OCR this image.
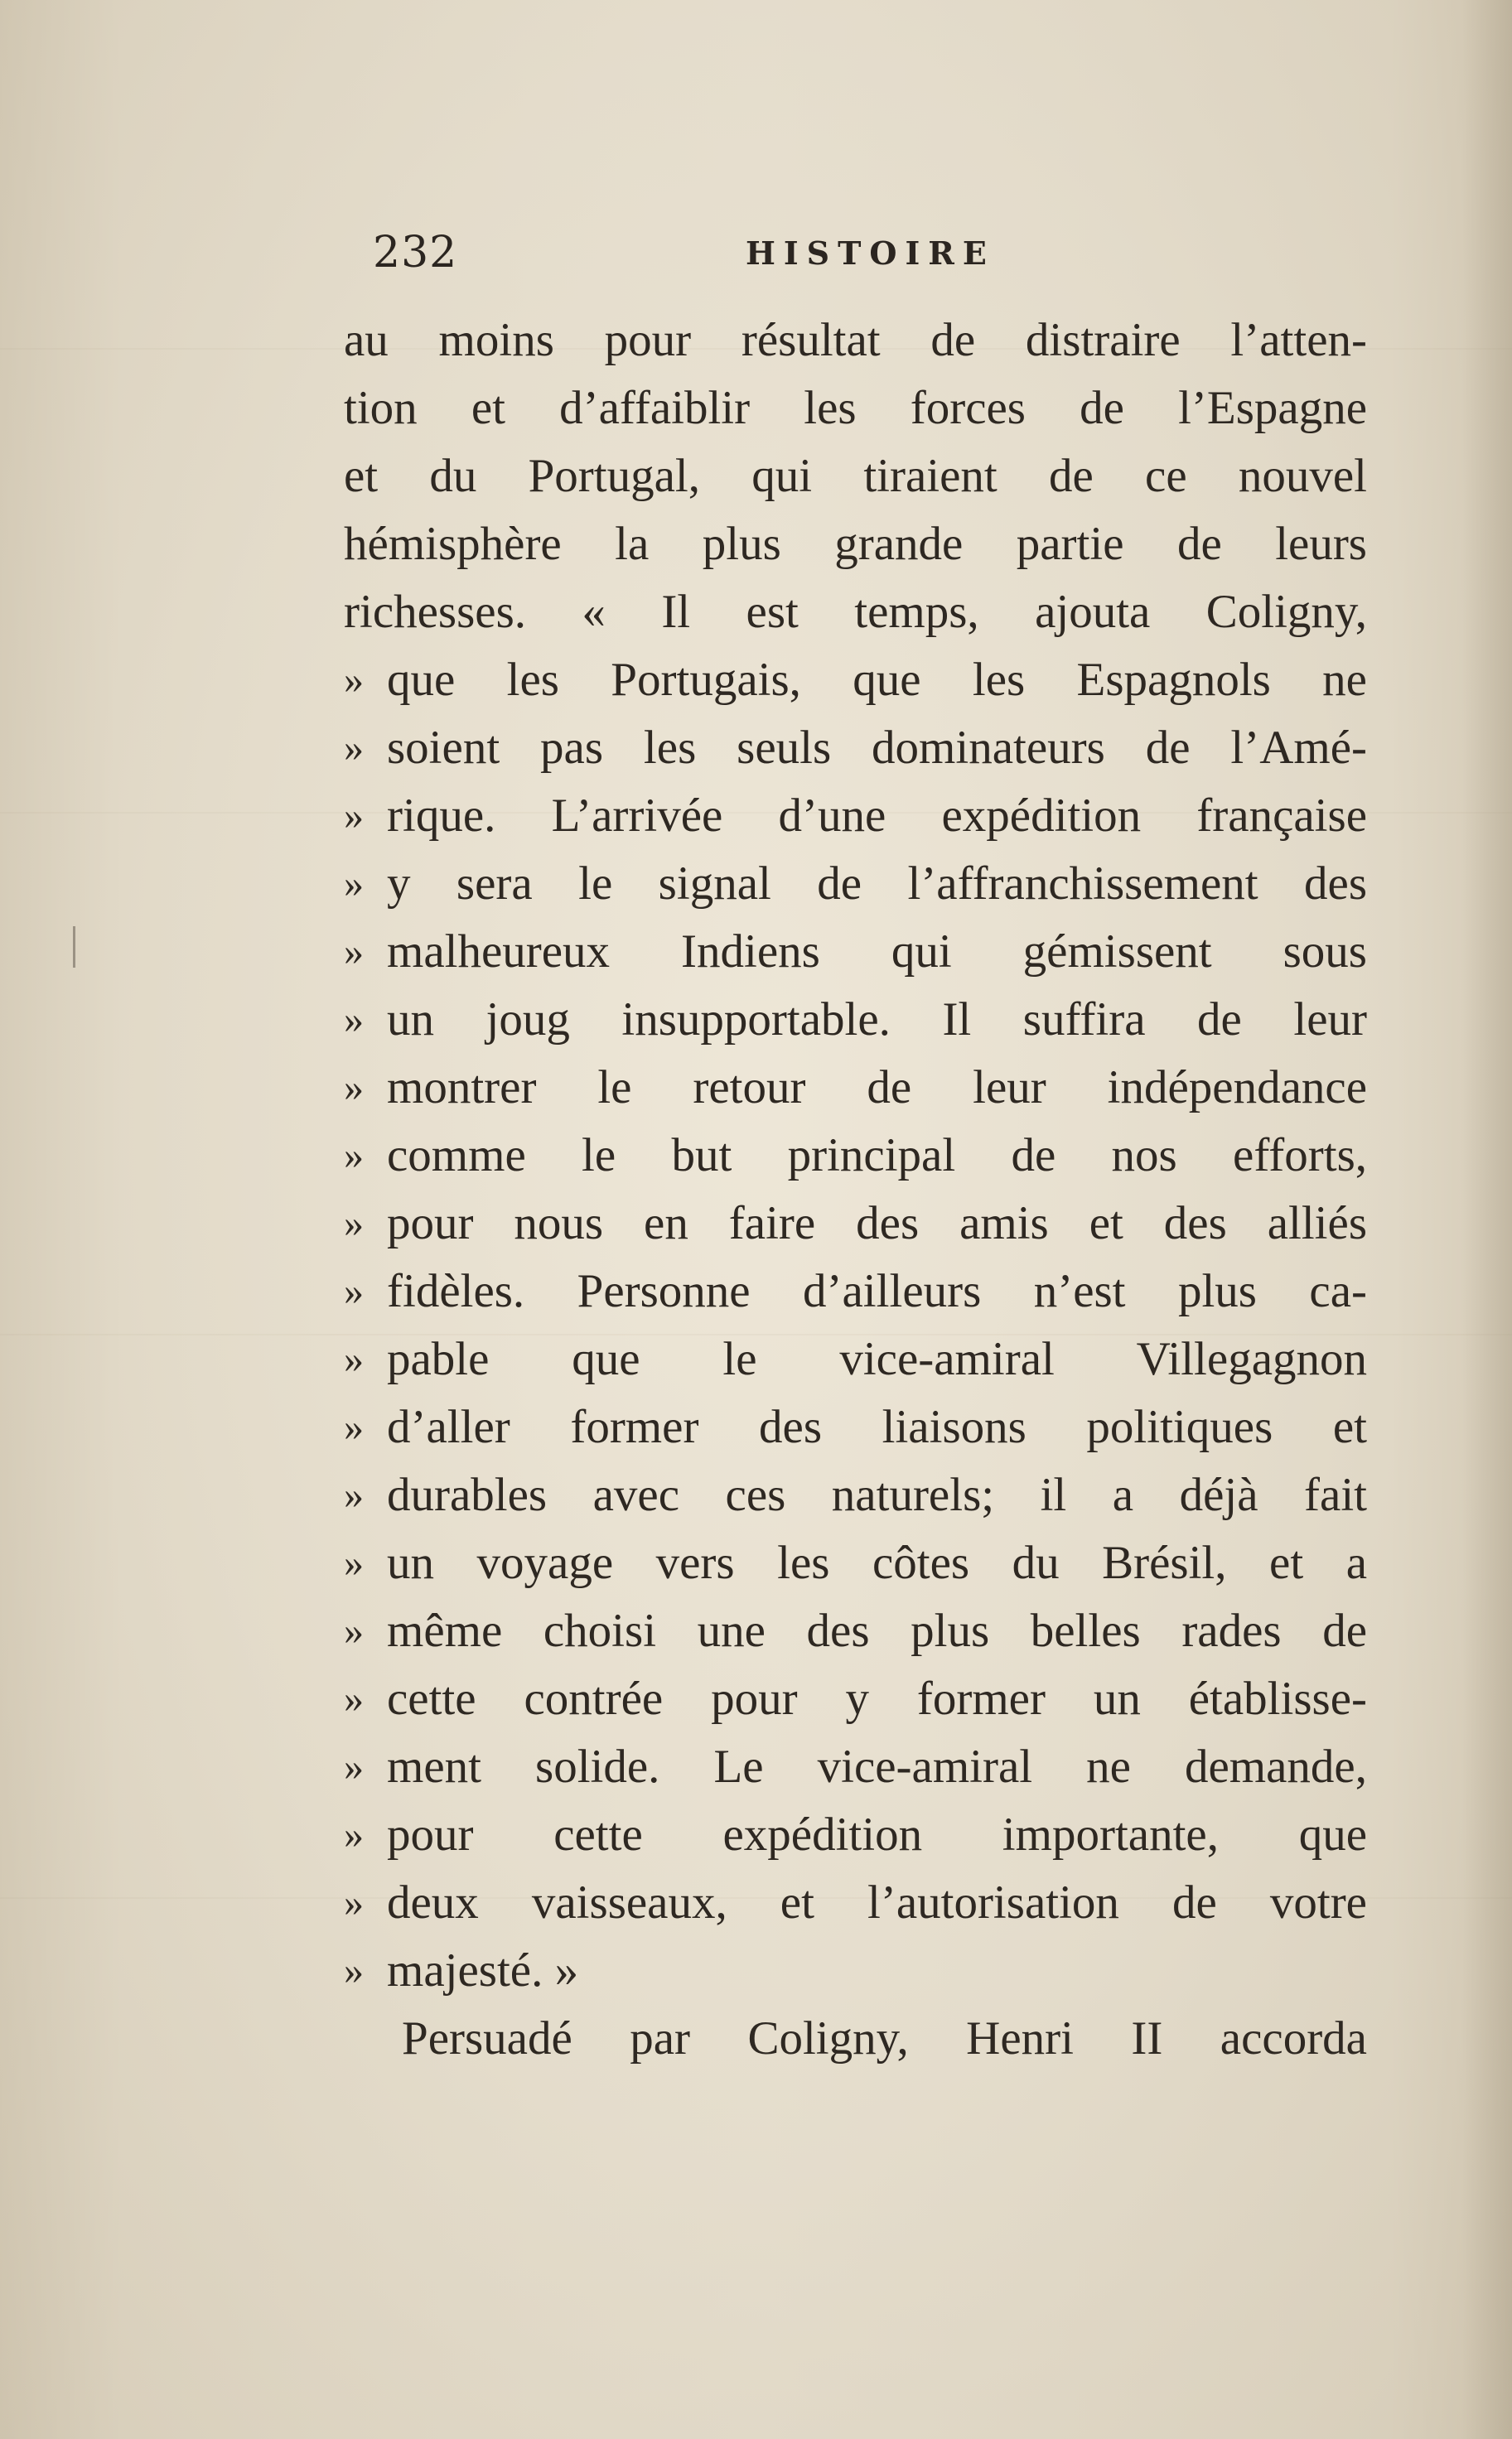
232	HISTOIRE
au moins pour résultat de distraire l’atten-
tion et d’affaiblir les forces de l’Espagne
et du Portugal, qui tiraient de ce nouvel
hémisphère la plus grande partie de leurs
richesses. « Il est temps, ajouta Coligny,
» que les Portugais, que les Espagnols ne
» soient pas les seuls dominateurs de l’Amé-
» rique. L’arrivée d’une expédition française
» y sera le signal de l’affranchissement des
» malheureux Indiens qui gémissent sous
» un joug insupportable. Il suffira de leur
» montrer le retour de leur indépendance
» comme le but principal de nos efforts,
» pour nous en faire des amis et des alliés
» fidèles. Personne d’ailleurs n’est plus ca-
» pable que le vice-amiral Villegagnon
» d’aller former des liaisons politiques et
» durables avec ces naturels; il a déjà fait
» un voyage vers les côtes du Brésil, et a
» même choisi une des plus belles rades de
» cette contrée pour y former un établisse-
» ment solide. Le vice-amiral ne demande,
» pour cette expédition importante, que
» deux vaisseaux, et l’autorisation de votre
» majesté. »
Persuadé par Coligny, Henri II accorda
